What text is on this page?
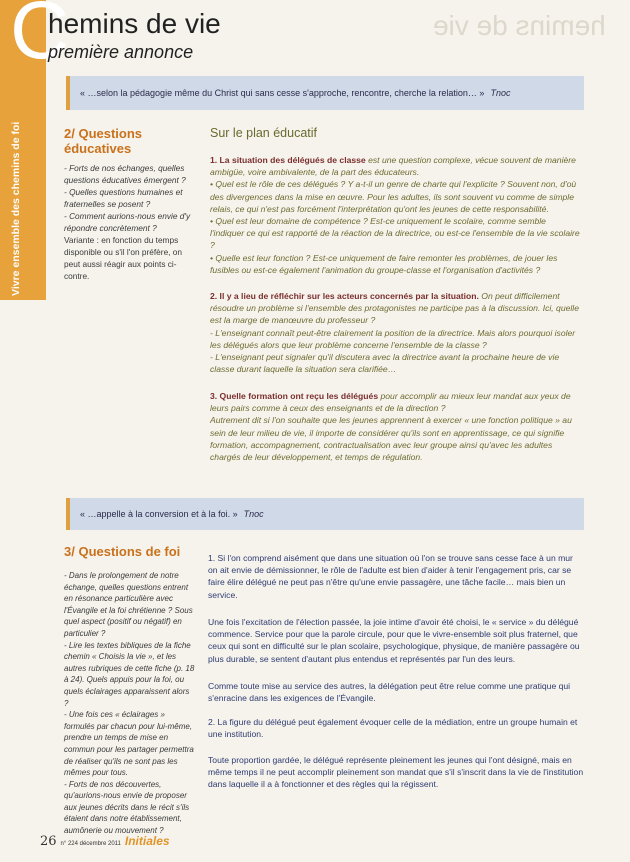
Vivre ensemble des chemins de foi
C
hemins de vie
première annonce
hemins de vie
« …selon la pédagogie même du Christ qui sans cesse s'approche, rencontre, cherche la relation… » Tnoc
2/ Questions éducatives

- Forts de nos échanges, quelles questions éducatives émergent ?

- Quelles questions humaines et fraternelles se posent ?

- Comment aurions-nous envie d'y répondre concrètement ?

Variante : en fonction du temps disponible ou s'il l'on préfère, on peut aussi réagir aux points ci-contre.

Sur le plan éducatif
1. La situation des délégués de classe est une question complexe, vécue souvent de manière ambigüe, voire ambivalente, de la part des éducateurs.
• Quel est le rôle de ces délégués ? Y a-t-il un genre de charte qui l'explicite ? Souvent non, d'où des divergences dans la mise en œuvre. Pour les adultes, ils sont souvent vu comme de simple relais, ce qui n'est pas forcément l'interprétation qu'ont les jeunes de cette responsabilité.
• Quel est leur domaine de compétence ? Est-ce uniquement le scolaire, comme semble l'indiquer ce qui est rapporté de la réaction de la directrice, ou est-ce l'ensemble de la vie scolaire ?
• Quelle est leur fonction ? Est-ce uniquement de faire remonter les problèmes, de jouer les fusibles ou est-ce également l'animation du groupe-classe et l'organisation d'activités ?
2. Il y a lieu de réfléchir sur les acteurs concernés par la situation. On peut difficilement résoudre un problème si l'ensemble des protagonistes ne participe pas à la discussion. Ici, quelle est la marge de manœuvre du professeur ?
- L'enseignant connaît peut-être clairement la position de la directrice. Mais alors pourquoi isoler les délégués alors que leur problème concerne l'ensemble de la classe ?
- L'enseignant peut signaler qu'il discutera avec la directrice avant la prochaine heure de vie classe durant laquelle la situation sera clarifiée…
3. Quelle formation ont reçu les délégués pour accomplir au mieux leur mandat aux yeux de leurs pairs comme à ceux des enseignants et de la direction ?
Autrement dit si l'on souhaite que les jeunes apprennent à exercer « une fonction politique » au sein de leur milieu de vie, il importe de considérer qu'ils sont en apprentissage, ce qui signifie formation, accompagnement, contractualisation avec leur groupe ainsi qu'avec les adultes chargés de leur développement, et temps de régulation.
« …appelle à la conversion et à la foi. » Tnoc
3/ Questions de foi

- Dans le prolongement de notre échange, quelles questions entrent en résonance particulière avec l'Évangile et la foi chrétienne ? Sous quel aspect (positif ou négatif) en particulier ?

- Lire les textes bibliques de la fiche chemin « Choisis la vie », et les autres rubriques de cette fiche (p. 18 à 24). Quels appuis pour la foi, ou quels éclairages apparaissent alors ?

- Une fois ces « éclairages » formulés par chacun pour lui-même, prendre un temps de mise en commun pour les partager permettra de réaliser qu'ils ne sont pas les mêmes pour tous.

- Forts de nos découvertes, qu'aurions-nous envie de proposer aux jeunes décrits dans le récit s'ils étaient dans notre établissement, aumônerie ou mouvement ?

1. Si l'on comprend aisément que dans une situation où l'on se trouve sans cesse face à un mur on ait envie de démissionner, le rôle de l'adulte est bien d'aider à tenir l'engagement pris, car se faire élire délégué ne peut pas n'être qu'une envie passagère, une tâche facile… mais bien un service.
Une fois l'excitation de l'élection passée, la joie intime d'avoir été choisi, le « service » du délégué commence. Service pour que la parole circule, pour que le vivre-ensemble soit plus fraternel, que ceux qui sont en difficulté sur le plan scolaire, psychologique, physique, de manière passagère ou plus durable, se sentent d'autant plus entendus et représentés par l'un des leurs.
Comme toute mise au service des autres, la délégation peut être relue comme une pratique qui s'enracine dans les exigences de l'Évangile.
2. La figure du délégué peut également évoquer celle de la médiation, entre un groupe humain et une institution.
Toute proportion gardée, le délégué représente pleinement les jeunes qui l'ont désigné, mais en même temps il ne peut accomplir pleinement son mandat que s'il s'inscrit dans la vie de l'institution dans laquelle il a à fonctionner et des règles qui la régissent.
26 n° 224 décembre 2011 Initiales
